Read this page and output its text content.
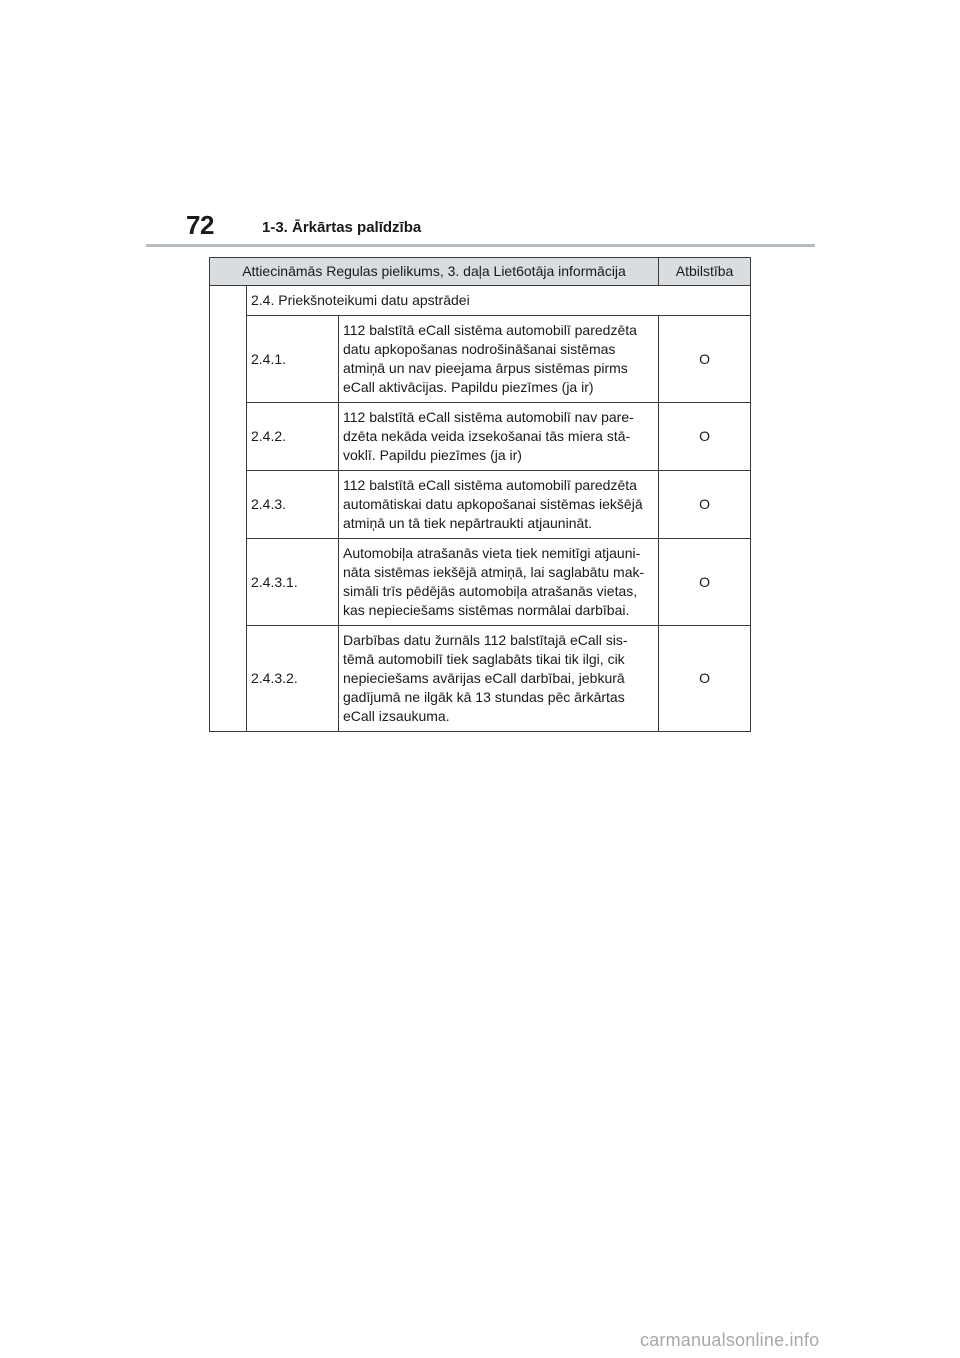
72	1-3. Ārkārtas palīdzība
Attiecināmās Regulas pielikums, 3. daļa Liet6otāja informācija			Atbilstība
	2.4. Priekšnoteikumi datu apstrādei		
	2.4.1.	112 balstītā eCall sistēma automobilī paredzēta
datu apkopošanas nodrošināšanai sistēmas
atmiņā un nav pieejama ārpus sistēmas pirms
eCall aktivācijas. Papildu piezīmes (ja ir)	O
	2.4.2.	112 balstītā eCall sistēma automobilī nav pare-
dzēta nekāda veida izsekošanai tās miera stā-
voklī. Papildu piezīmes (ja ir)	O
	2.4.3.	112 balstītā eCall sistēma automobilī paredzēta
automātiskai datu apkopošanai sistēmas iekšējā
atmiņā un tā tiek nepārtraukti atjaunināt.	O
	2.4.3.1.	Automobiļa atrašanās vieta tiek nemitīgi atjauni-
nāta sistēmas iekšējā atmiņā, lai saglabātu mak-
simāli trīs pēdējās automobiļa atrašanās vietas,
kas nepieciešams sistēmas normālai darbībai.	O
	2.4.3.2.	Darbības datu žurnāls 112 balstītajā eCall sis-
tēmā automobilī tiek saglabāts tikai tik ilgi, cik
nepieciešams avārijas eCall darbībai, jebkurā
gadījumā ne ilgāk kā 13 stundas pēc ārkārtas
eCall izsaukuma.	O
carmanualsonline.info
